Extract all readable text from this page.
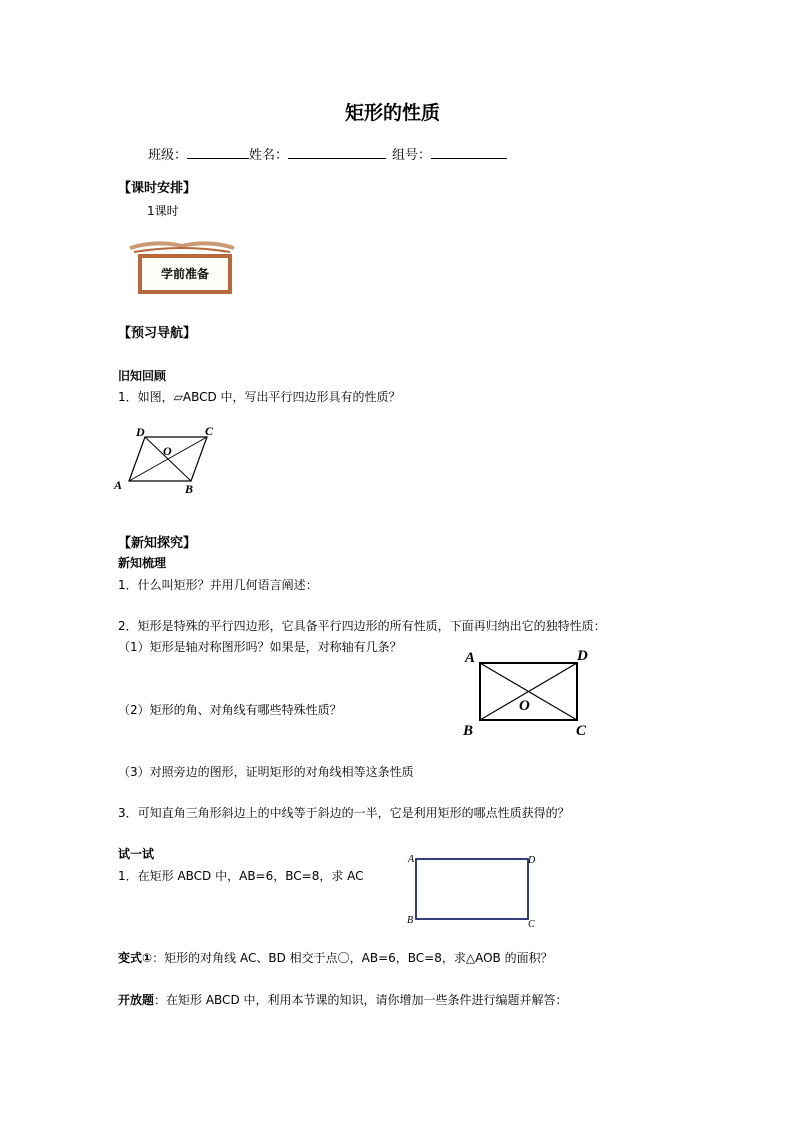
矩形的性质
班级：	姓名：	组号：
【课时安排】
1课时
学前准备
【预习导航】
旧知回顾
1．如图，▱ABCD 中，写出平行四边形具有的性质？
A	B
C
D
O
【新知探究】
新知梳理
1．什么叫矩形？并用几何语言阐述：
2．矩形是特殊的平行四边形，它具备平行四边形的所有性质，下面再归纳出它的独特性质：
（1）矩形是轴对称图形吗？如果是，对称轴有几条？
（2）矩形的角、对角线有哪些特殊性质？
（3）对照旁边的图形，证明矩形的对角线相等这条性质
3．可知直角三角形斜边上的中线等于斜边的一半，它是利用矩形的哪点性质获得的？
A
B	C
D
O
试一试
1．在矩形 ABCD 中，AB=6，BC=8，求 AC
A
B	C
D
变式①：矩形的对角线 AC、BD 相交于点〇，AB=6，BC=8，求△AOB 的面积？
开放题：在矩形 ABCD 中，利用本节课的知识，请你增加一些条件进行编题并解答：
